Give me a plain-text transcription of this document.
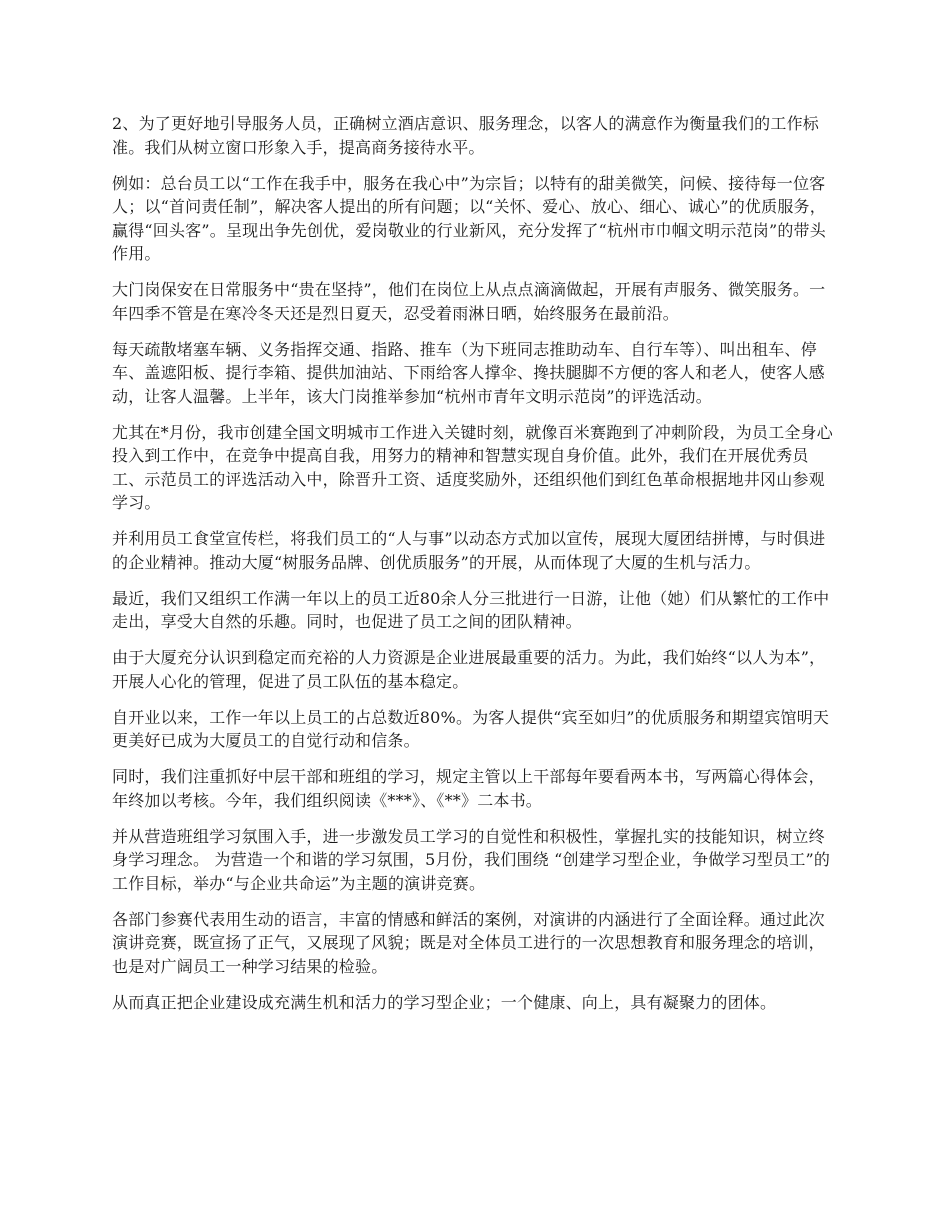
2、为了更好地引导服务人员，正确树立酒店意识、服务理念，以客人的满意作为衡量我们的工作标准。我们从树立窗口形象入手，提高商务接待水平。

例如：总台员工以“工作在我手中，服务在我心中”为宗旨；以特有的甜美微笑，问候、接待每一位客人；以“首问责任制”，解决客人提出的所有问题；以“关怀、爱心、放心、细心、诚心”的优质服务，赢得“回头客”。呈现出争先创优，爱岗敬业的行业新风，充分发挥了“杭州市巾帼文明示范岗”的带头作用。

大门岗保安在日常服务中“贵在坚持”，他们在岗位上从点点滴滴做起，开展有声服务、微笑服务。一年四季不管是在寒冷冬天还是烈日夏天，忍受着雨淋日晒，始终服务在最前沿。

每天疏散堵塞车辆、义务指挥交通、指路、推车（为下班同志推助动车、自行车等）、叫出租车、停车、盖遮阳板、提行李箱、提供加油站、下雨给客人撑伞、搀扶腿脚不方便的客人和老人，使客人感动，让客人温馨。上半年，该大门岗推举参加“杭州市青年文明示范岗”的评选活动。

尤其在*月份，我市创建全国文明城市工作进入关键时刻，就像百米赛跑到了冲刺阶段，为员工全身心投入到工作中，在竞争中提高自我，用努力的精神和智慧实现自身价值。此外，我们在开展优秀员工、示范员工的评选活动入中，除晋升工资、适度奖励外，还组织他们到红色革命根据地井冈山参观学习。

并利用员工食堂宣传栏，将我们员工的“人与事”以动态方式加以宣传，展现大厦团结拼博，与时俱进的企业精神。推动大厦“树服务品牌、创优质服务”的开展，从而体现了大厦的生机与活力。

最近，我们又组织工作满一年以上的员工近80余人分三批进行一日游，让他（她）们从繁忙的工作中走出，享受大自然的乐趣。同时，也促进了员工之间的团队精神。

由于大厦充分认识到稳定而充裕的人力资源是企业进展最重要的活力。为此，我们始终“以人为本”，开展人心化的管理，促进了员工队伍的基本稳定。

自开业以来，工作一年以上员工的占总数近80%。为客人提供“宾至如归”的优质服务和期望宾馆明天更美好已成为大厦员工的自觉行动和信条。

同时，我们注重抓好中层干部和班组的学习，规定主管以上干部每年要看两本书，写两篇心得体会，年终加以考核。今年，我们组织阅读《***》、《**》二本书。

并从营造班组学习氛围入手，进一步激发员工学习的自觉性和积极性，掌握扎实的技能知识，树立终身学习理念。 为营造一个和谐的学习氛围，5月份，我们围绕 “创建学习型企业，争做学习型员工”的工作目标，举办“与企业共命运”为主题的演讲竞赛。

各部门参赛代表用生动的语言，丰富的情感和鲜活的案例，对演讲的内涵进行了全面诠释。通过此次演讲竞赛，既宣扬了正气，又展现了风貌；既是对全体员工进行的一次思想教育和服务理念的培训，也是对广阔员工一种学习结果的检验。

从而真正把企业建设成充满生机和活力的学习型企业；一个健康、向上，具有凝聚力的团体。
